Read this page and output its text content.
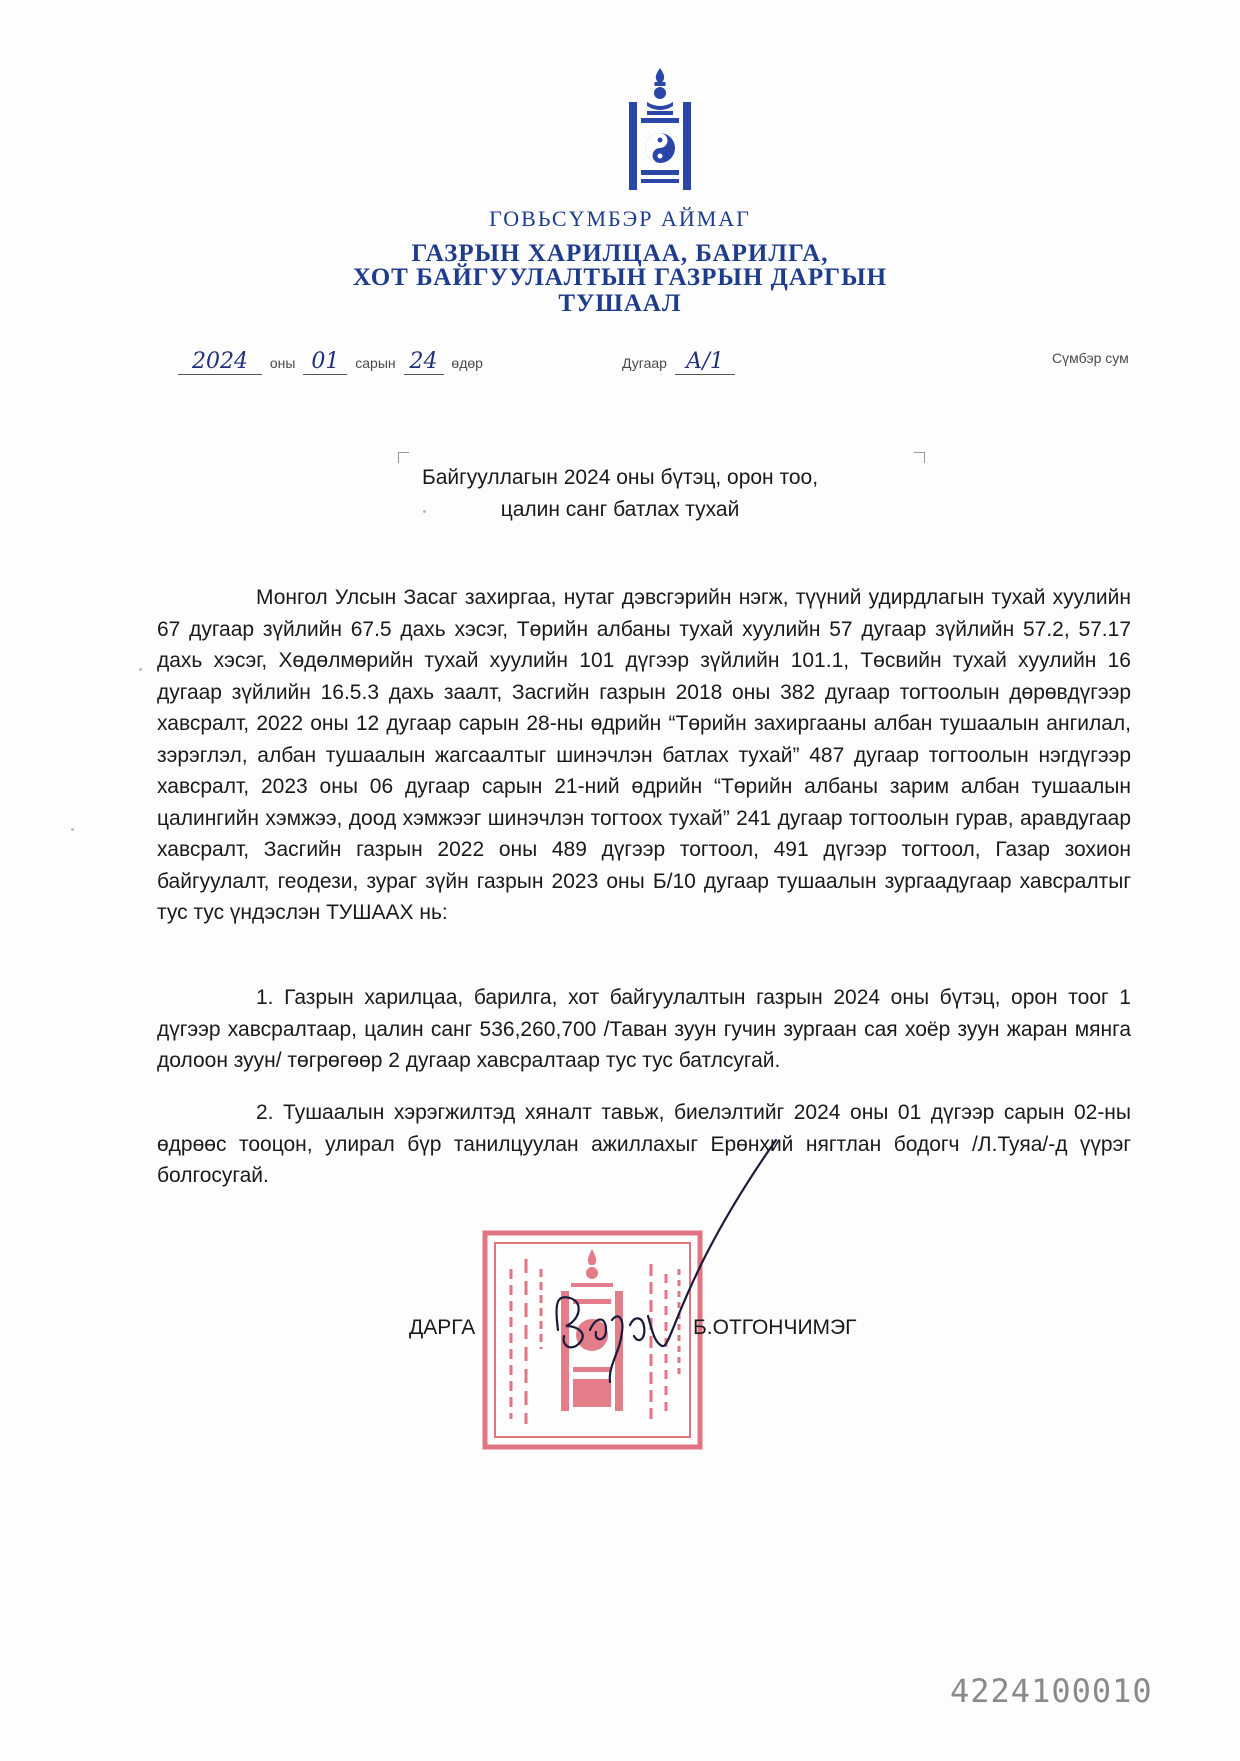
ГОВЬСҮМБЭР АЙМАГ
ГАЗРЫН ХАРИЛЦАА, БАРИЛГА,
ХОТ БАЙГУУЛАЛТЫН ГАЗРЫН ДАРГЫН
ТУШААЛ
2024 оны 01 сарын 24 өдөр	Дугаар А/1	Сүмбэр сум
Байгууллагын 2024 оны бүтэц, орон тоо,
цалин санг батлах тухай

Монгол Улсын Засаг захиргаа, нутаг дэвсгэрийн нэгж, түүний удирдлагын тухай хуулийн 67 дугаар зүйлийн 67.5 дахь хэсэг, Төрийн албаны тухай хуулийн 57 дугаар зүйлийн 57.2, 57.17 дахь хэсэг, Хөдөлмөрийн тухай хуулийн 101 дүгээр зүйлийн 101.1, Төсвийн тухай хуулийн 16 дугаар зүйлийн 16.5.3 дахь заалт, Засгийн газрын 2018 оны 382 дугаар тогтоолын дөрөвдүгээр хавсралт, 2022 оны 12 дугаар сарын 28-ны өдрийн “Төрийн захиргааны албан тушаалын ангилал, зэрэглэл, албан тушаалын жагсаалтыг шинэчлэн батлах тухай” 487 дугаар тогтоолын нэгдүгээр хавсралт, 2023 оны 06 дугаар сарын 21-ний өдрийн “Төрийн албаны зарим албан тушаалын цалингийн хэмжээ, доод хэмжээг шинэчлэн тогтоох тухай” 241 дугаар тогтоолын гурав, аравдугаар хавсралт, Засгийн газрын 2022 оны 489 дүгээр тогтоол, 491 дүгээр тогтоол, Газар зохион байгуулалт, геодези, зураг зүйн газрын 2023 оны Б/10 дугаар тушаалын зургаадугаар хавсралтыг тус тус үндэслэн ТУШААХ нь:

1. Газрын харилцаа, барилга, хот байгуулалтын газрын 2024 оны бүтэц, орон тоог 1 дүгээр хавсралтаар, цалин санг 536,260,700 /Таван зуун гучин зургаан сая хоёр зуун жаран мянга долоон зуун/ төгрөгөөр 2 дугаар хавсралтаар тус тус батлсугай.

2. Тушаалын хэрэгжилтэд хяналт тавьж, биелэлтийг 2024 оны 01 дүгээр сарын 02-ны өдрөөс тооцон, улирал бүр танилцуулан ажиллахыг Ерөнхий нягтлан бодогч /Л.Туяа/-д үүрэг болгосугай.

ДАРГА	Б.ОТГОНЧИМЭГ
4224100010
